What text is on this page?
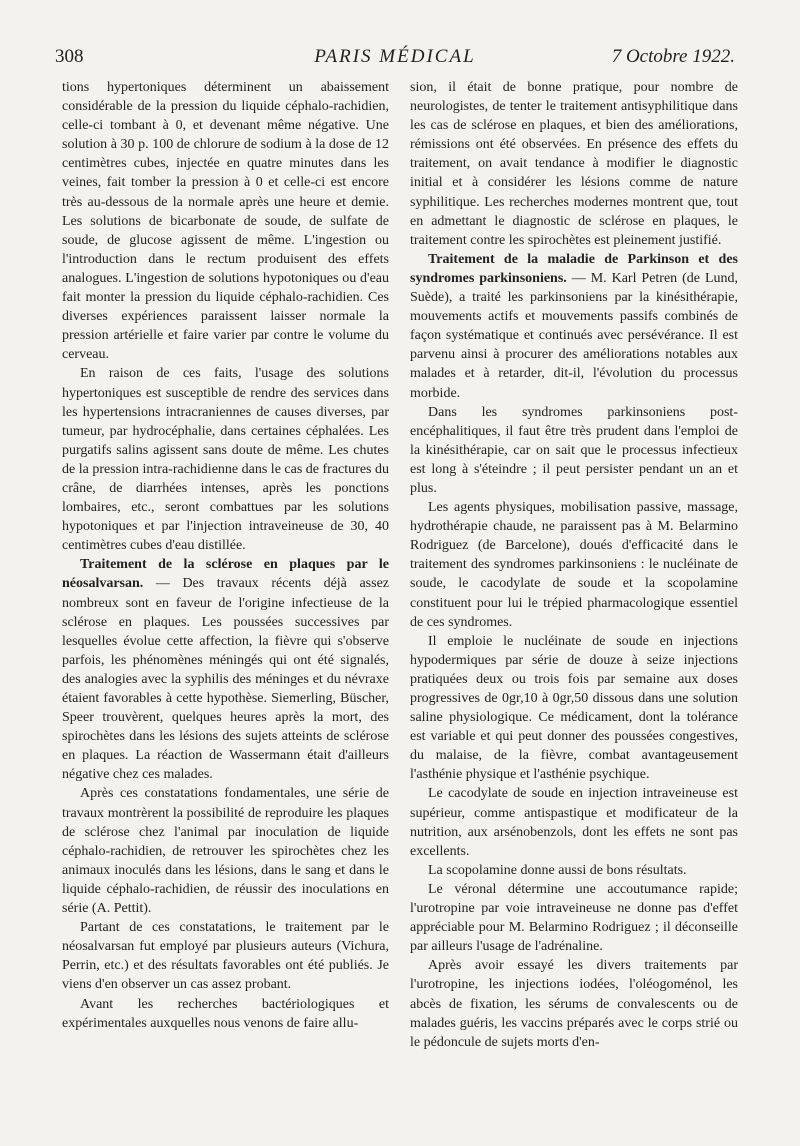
308	PARIS MÉDICAL	7 Octobre 1922.

tions hypertoniques déterminent un abaissement considérable de la pression du liquide céphalo-rachidien, celle-ci tombant à 0, et devenant même négative. Une solution à 30 p. 100 de chlorure de sodium à la dose de 12 centimètres cubes, injectée en quatre minutes dans les veines, fait tomber la pression à 0 et celle-ci est encore très au-dessous de la normale après une heure et demie. Les solutions de bicarbonate de soude, de sulfate de soude, de glucose agissent de même. L'ingestion ou l'introduction dans le rectum produisent des effets analogues. L'ingestion de solutions hypotoniques ou d'eau fait monter la pression du liquide céphalo-rachidien. Ces diverses expériences paraissent laisser normale la pression artérielle et faire varier par contre le volume du cerveau.

En raison de ces faits, l'usage des solutions hypertoniques est susceptible de rendre des services dans les hypertensions intracraniennes de causes diverses, par tumeur, par hydrocéphalie, dans certaines céphalées. Les purgatifs salins agissent sans doute de même. Les chutes de la pression intra-rachidienne dans le cas de fractures du crâne, de diarrhées intenses, après les ponctions lombaires, etc., seront combattues par les solutions hypotoniques et par l'injection intraveineuse de 30, 40 centimètres cubes d'eau distillée.

Traitement de la sclérose en plaques par le néosalvarsan. — Des travaux récents déjà assez nombreux sont en faveur de l'origine infectieuse de la sclérose en plaques. Les poussées successives par lesquelles évolue cette affection, la fièvre qui s'observe parfois, les phénomènes méningés qui ont été signalés, des analogies avec la syphilis des méninges et du névraxe étaient favorables à cette hypothèse. Siemerling, Büscher, Speer trouvèrent, quelques heures après la mort, des spirochètes dans les lésions des sujets atteints de sclérose en plaques. La réaction de Wassermann était d'ailleurs négative chez ces malades.

Après ces constatations fondamentales, une série de travaux montrèrent la possibilité de reproduire les plaques de sclérose chez l'animal par inoculation de liquide céphalo-rachidien, de retrouver les spirochètes chez les animaux inoculés dans les lésions, dans le sang et dans le liquide céphalo-rachidien, de réussir des inoculations en série (A. Pettit).

Partant de ces constatations, le traitement par le néosalvarsan fut employé par plusieurs auteurs (Vichura, Perrin, etc.) et des résultats favorables ont été publiés. Je viens d'en observer un cas assez probant.

Avant les recherches bactériologiques et expérimentales auxquelles nous venons de faire allu-

sion, il était de bonne pratique, pour nombre de neurologistes, de tenter le traitement antisyphilitique dans les cas de sclérose en plaques, et bien des améliorations, rémissions ont été observées. En présence des effets du traitement, on avait tendance à modifier le diagnostic initial et à considérer les lésions comme de nature syphilitique. Les recherches modernes montrent que, tout en admettant le diagnostic de sclérose en plaques, le traitement contre les spirochètes est pleinement justifié.

Traitement de la maladie de Parkinson et des syndromes parkinsoniens. — M. Karl Petren (de Lund, Suède), a traité les parkinsoniens par la kinésithérapie, mouvements actifs et mouvements passifs combinés de façon systématique et continués avec persévérance. Il est parvenu ainsi à procurer des améliorations notables aux malades et à retarder, dit-il, l'évolution du processus morbide.

Dans les syndromes parkinsoniens post-encéphalitiques, il faut être très prudent dans l'emploi de la kinésithérapie, car on sait que le processus infectieux est long à s'éteindre ; il peut persister pendant un an et plus.

Les agents physiques, mobilisation passive, massage, hydrothérapie chaude, ne paraissent pas à M. Belarmino Rodriguez (de Barcelone), doués d'efficacité dans le traitement des syndromes parkinsoniens : le nucléinate de soude, le cacodylate de soude et la scopolamine constituent pour lui le trépied pharmacologique essentiel de ces syndromes.

Il emploie le nucléinate de soude en injections hypodermiques par série de douze à seize injections pratiquées deux ou trois fois par semaine aux doses progressives de 0gr,10 à 0gr,50 dissous dans une solution saline physiologique. Ce médicament, dont la tolérance est variable et qui peut donner des poussées congestives, du malaise, de la fièvre, combat avantageusement l'asthénie physique et l'asthénie psychique.

Le cacodylate de soude en injection intraveineuse est supérieur, comme antispastique et modificateur de la nutrition, aux arsénobenzols, dont les effets ne sont pas excellents.

La scopolamine donne aussi de bons résultats.

Le véronal détermine une accoutumance rapide; l'urotropine par voie intraveineuse ne donne pas d'effet appréciable pour M. Belarmino Rodriguez ; il déconseille par ailleurs l'usage de l'adrénaline.

Après avoir essayé les divers traitements par l'urotropine, les injections iodées, l'oléogoménol, les abcès de fixation, les sérums de convalescents ou de malades guéris, les vaccins préparés avec le corps strié ou le pédoncule de sujets morts d'en-
